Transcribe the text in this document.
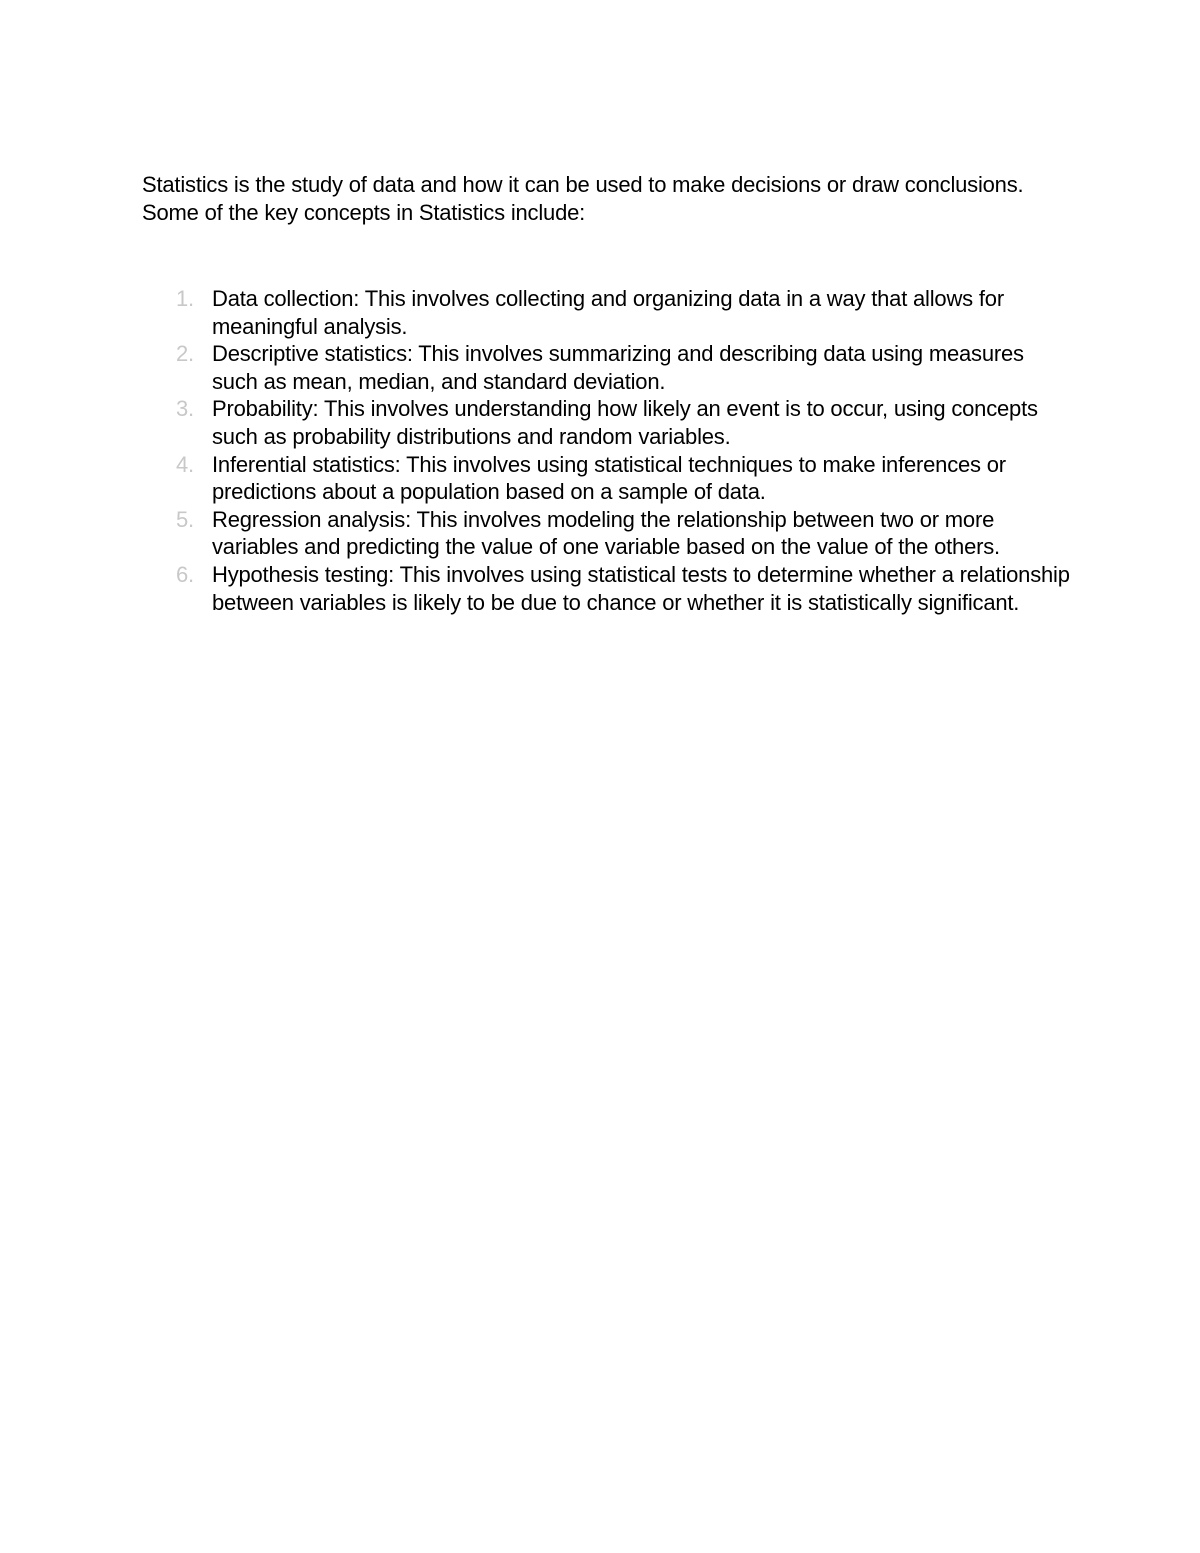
Statistics is the study of data and how it can be used to make decisions or draw conclusions. Some of the key concepts in Statistics include:

1. Data collection: This involves collecting and organizing data in a way that allows for meaningful analysis.
2. Descriptive statistics: This involves summarizing and describing data using measures such as mean, median, and standard deviation.
3. Probability: This involves understanding how likely an event is to occur, using concepts such as probability distributions and random variables.
4. Inferential statistics: This involves using statistical techniques to make inferences or predictions about a population based on a sample of data.
5. Regression analysis: This involves modeling the relationship between two or more variables and predicting the value of one variable based on the value of the others.
6. Hypothesis testing: This involves using statistical tests to determine whether a relationship between variables is likely to be due to chance or whether it is statistically significant.
